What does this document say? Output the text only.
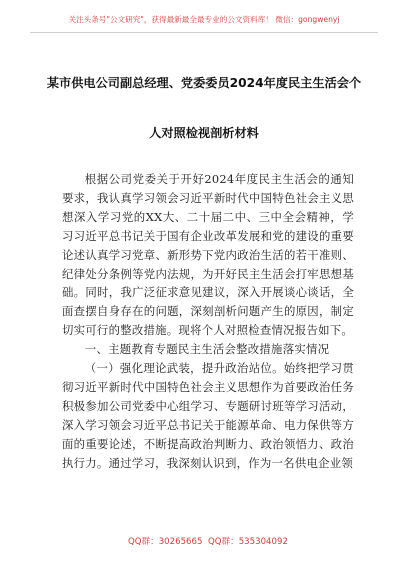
关注头条号"公文研究"，获得最新最全最专业的公文资料库！ 微信：gongwenyj
某市供电公司副总经理、党委委员2024年度民主生活会个
人对照检视剖析材料

根据公司党委关于开好2024年度民主生活会的通知要求，我认真学习领会习近平新时代中国特色社会主义思想深入学习党的XX大、二十届二中、三中全会精神，学习习近平总书记关于国有企业改革发展和党的建设的重要论述认真学习党章、新形势下党内政治生活的若干准则、纪律处分条例等党内法规，为开好民主生活会打牢思想基础。同时，我广泛征求意见建议，深入开展谈心谈话，全面查摆自身存在的问题，深刻剖析问题产生的原因，制定切实可行的整改措施。现将个人对照检查情况报告如下。

一、主题教育专题民主生活会整改措施落实情况

（一）强化理论武装，提升政治站位。始终把学习贯彻习近平新时代中国特色社会主义思想作为首要政治任务积极参加公司党委中心组学习、专题研讨班等学习活动，深入学习领会习近平总书记关于能源革命、电力保供等方面的重要论述，不断提高政治判断力、政治领悟力、政治执行力。通过学习，我深刻认识到，作为一名供电企业领

QQ群：30265665 QQ群：535304092
